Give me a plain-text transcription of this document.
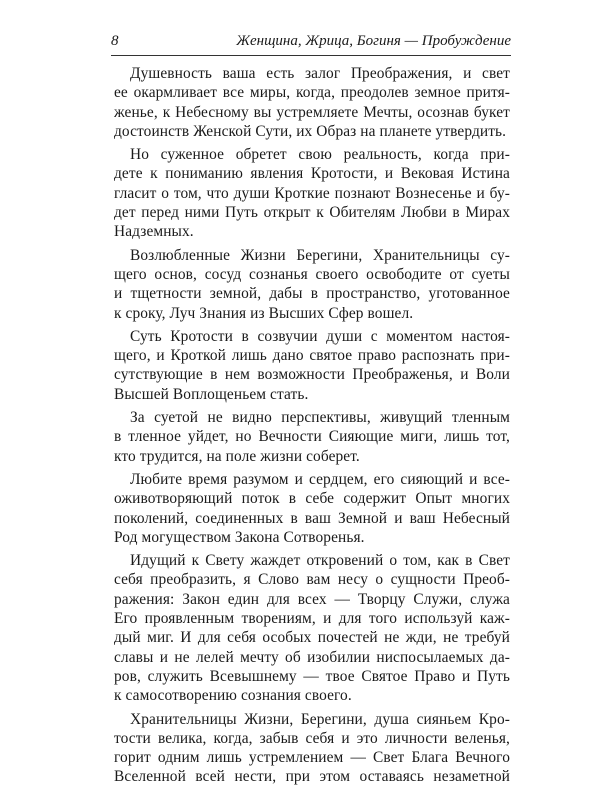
8	Женщина, Жрица, Богиня — Пробуждение
Душевность ваша есть залог Преображения, и свет
ее окармливает все миры, когда, преодолев земное притя-
женье, к Небесному вы устремляете Мечты, осознав букет
достоинств Женской Сути, их Образ на планете утвердить.
Но суженное обретет свою реальность, когда при-
детe к пониманию явления Кротости, и Вековая Истина
гласит о том, что души Кроткие познают Вознесенье и бу-
дет перед ними Путь открыт к Обителям Любви в Мирах
Надземных.
Возлюбленные Жизни Берегини, Хранительницы су-
щего основ, сосуд сознанья своего освободите от суеты
и тщетности земной, дабы в пространство, уготованное
к сроку, Луч Знания из Высших Сфер вошел.
Суть Кротости в созвучии души с моментом настоя-
щего, и Кроткой лишь дано святое право распознать при-
сутствующие в нем возможности Преображенья, и Воли
Высшей Воплощеньем стать.
За суетой не видно перспективы, живущий тленным
в тленное уйдет, но Вечности Сияющие миги, лишь тот,
кто трудится, на поле жизни соберет.
Любите время разумом и сердцем, его сияющий и все-
оживотворяющий поток в себе содержит Опыт многих
поколений, соединенных в ваш Земной и ваш Небесный
Род могуществом Закона Сотворенья.
Идущий к Свету жаждет откровений о том, как в Свет
себя преобразить, я Слово вам несу о сущности Преоб-
ражения: Закон един для всех — Творцу Служи, служа
Его проявленным творениям, и для того используй каж-
дый миг. И для себя особых почестей не жди, не требуй
славы и не лелей мечту об изобилии ниспосылаемых да-
ров, служить Всевышнему — твое Святое Право и Путь
к самосотворению сознания своего.
Хранительницы Жизни, Берегини, душа сияньем Кро-
тости велика, когда, забыв себя и это личности веленья,
горит одним лишь устремлением — Свет Блага Вечного
Вселенной всей нести, при этом оставаясь незаметной
